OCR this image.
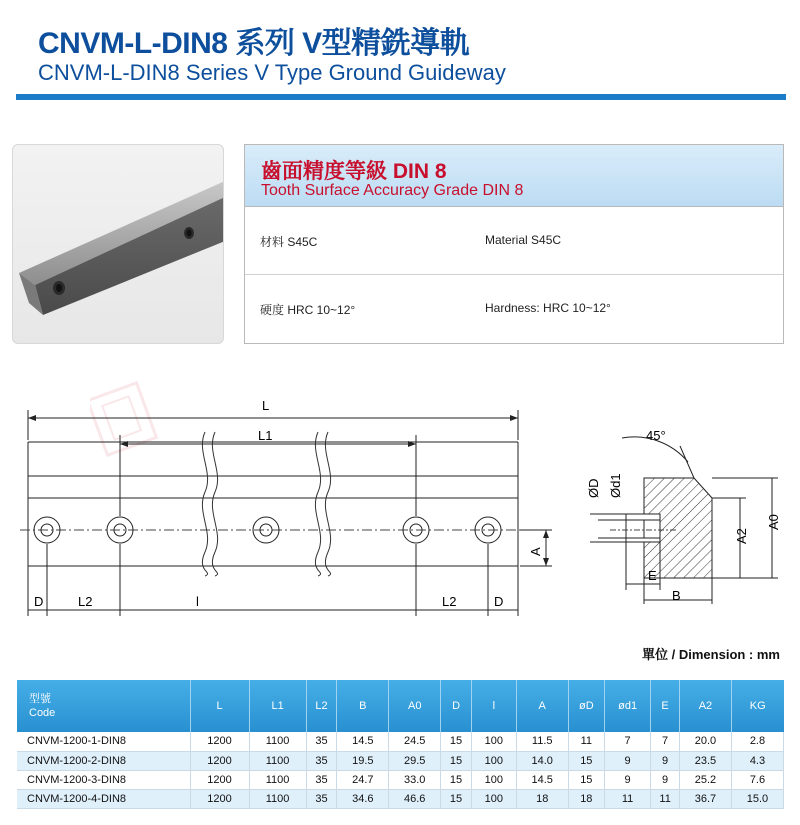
CNVM-L-DIN8 系列 V型精銑導軌
CNVM-L-DIN8 Series V Type Ground Guideway
齒面精度等級 DIN 8
Tooth Surface Accuracy Grade DIN 8
材料 S45C	Material S45C
硬度 HRC 10~12°	Hardness: HRC 10~12°
L
L1
D	L2	l	L2	D
A
45°
ØD Ød1
E
B
A2
A0
單位 / Dimension : mm
型號
Code	L	L1	L2	B	A0	D	l	A	øD	ød1	E	A2	KG
CNVM-1200-1-DIN8	1200	1100	35	14.5	24.5	15	100	11.5	11	7	7	20.0	2.8
CNVM-1200-2-DIN8	1200	1100	35	19.5	29.5	15	100	14.0	15	9	9	23.5	4.3
CNVM-1200-3-DIN8	1200	1100	35	24.7	33.0	15	100	14.5	15	9	9	25.2	7.6
CNVM-1200-4-DIN8	1200	1100	35	34.6	46.6	15	100	18	18	11	11	36.7	15.0
